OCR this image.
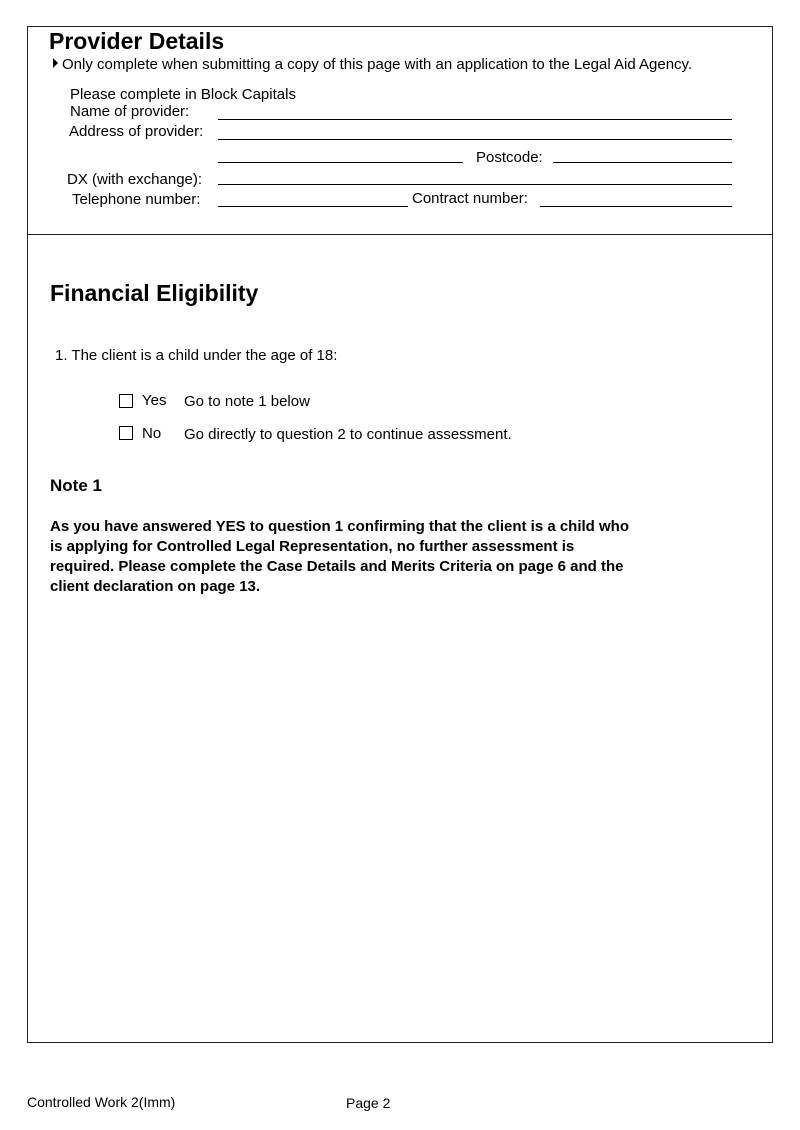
Provider Details
Only complete when submitting a copy of this page with an application to the Legal Aid Agency.
Please complete in Block Capitals
Name of provider:
Address of provider:
Postcode:
DX (with exchange):
Telephone number:	Contract number:
Financial Eligibility
1. The client is a child under the age of 18:
Yes Go to note 1 below
No Go directly to question 2 to continue assessment.
Note 1
As you have answered YES to question 1 confirming that the client is a child who
is applying for Controlled Legal Representation, no further assessment is
required. Please complete the Case Details and Merits Criteria on page 6 and the
client declaration on page 13.
Controlled Work 2(Imm)	Page 2
